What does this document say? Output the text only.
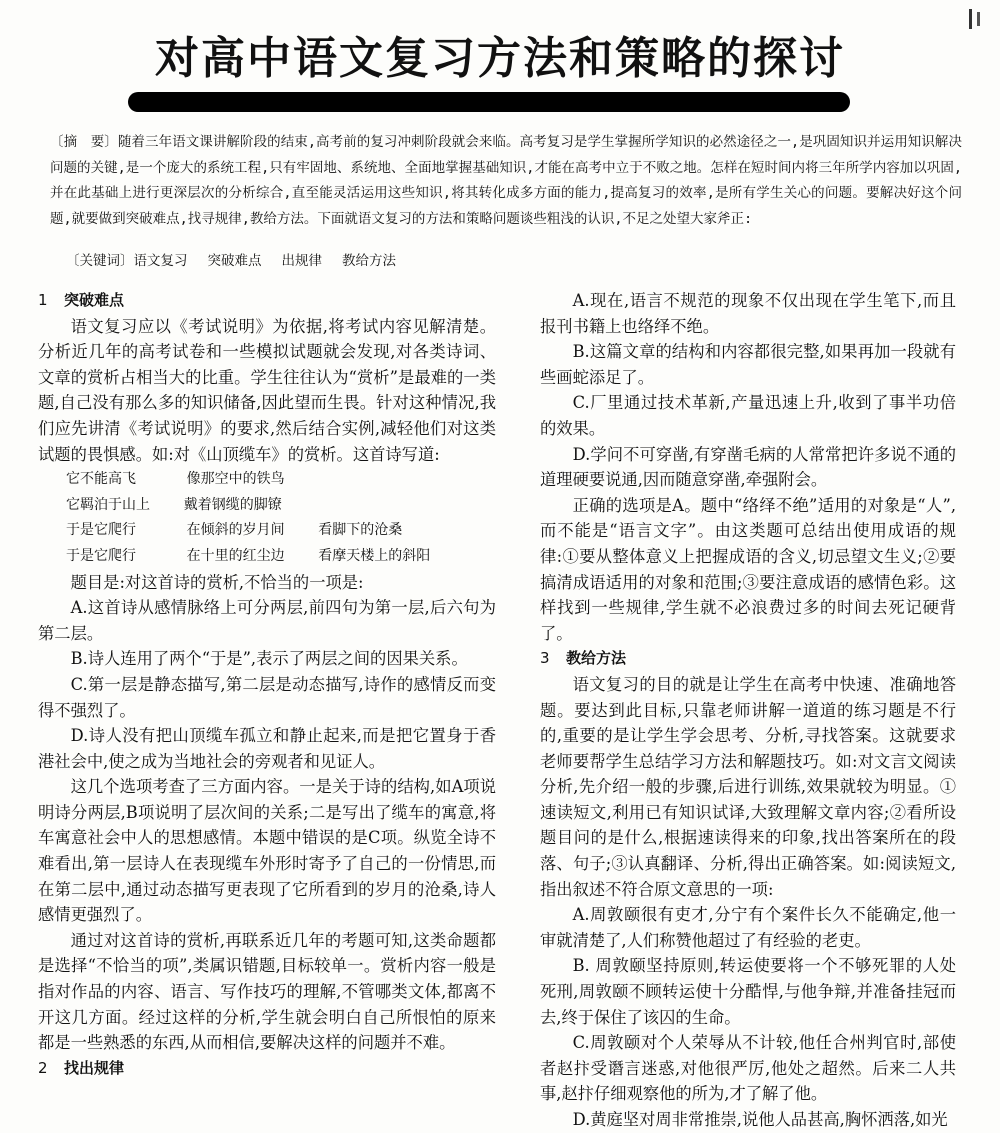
对高中语文复习方法和策略的探讨
〔摘　要〕随着三年语文课讲解阶段的结束,高考前的复习冲刺阶段就会来临。高考复习是学生掌握所学知识的必然途径之一,是巩固知识并运用知识解决问题的关键,是一个庞大的系统工程,只有牢固地、系统地、全面地掌握基础知识,才能在高考中立于不败之地。怎样在短时间内将三年所学内容加以巩固,并在此基础上进行更深层次的分析综合,直至能灵活运用这些知识,将其转化成多方面的能力,提高复习的效率,是所有学生关心的问题。要解决好这个问题,就要做到突破难点,找寻规律,教给方法。下面就语文复习的方法和策略问题谈些粗浅的认识,不足之处望大家斧正:
〔关键词〕语文复习 突破难点 出规律 教给方法
1 突破难点

语文复习应以《考试说明》为依据,将考试内容见解清楚。分析近几年的高考试卷和一些模拟试题就会发现,对各类诗词、文章的赏析占相当大的比重。学生往往认为“赏析”是最难的一类题,自己没有那么多的知识储备,因此望而生畏。针对这种情况,我们应先讲清《考试说明》的要求,然后结合实例,减轻他们对这类试题的畏惧感。如:对《山顶缆车》的赏析。这首诗写道:

它不能高飞      像那空中的铁鸟
它羁泊于山上    戴着钢缆的脚镣
于是它爬行      在倾斜的岁月间    看脚下的沧桑
于是它爬行      在十里的红尘边    看摩天楼上的斜阳

题目是:对这首诗的赏析,不恰当的一项是:

A.这首诗从感情脉络上可分两层,前四句为第一层,后六句为第二层。

B.诗人连用了两个“于是”,表示了两层之间的因果关系。

C.第一层是静态描写,第二层是动态描写,诗作的感情反而变得不强烈了。

D.诗人没有把山顶缆车孤立和静止起来,而是把它置身于香港社会中,使之成为当地社会的旁观者和见证人。

这几个选项考查了三方面内容。一是关于诗的结构,如A项说明诗分两层,B项说明了层次间的关系;二是写出了缆车的寓意,将车寓意社会中人的思想感情。本题中错误的是C项。纵览全诗不难看出,第一层诗人在表现缆车外形时寄予了自己的一份情思,而在第二层中,通过动态描写更表现了它所看到的岁月的沧桑,诗人感情更强烈了。

通过对这首诗的赏析,再联系近几年的考题可知,这类命题都是选择“不恰当的项”,类属识错题,目标较单一。赏析内容一般是指对作品的内容、语言、写作技巧的理解,不管哪类文体,都离不开这几方面。经过这样的分析,学生就会明白自己所恨怕的原来都是一些熟悉的东西,从而相信,要解决这样的问题并不难。

2 找出规律

A.现在,语言不规范的现象不仅出现在学生笔下,而且报刊书籍上也络绎不绝。

B.这篇文章的结构和内容都很完整,如果再加一段就有些画蛇添足了。

C.厂里通过技术革新,产量迅速上升,收到了事半功倍的效果。

D.学问不可穿凿,有穿凿毛病的人常常把许多说不通的道理硬要说通,因而随意穿凿,牵强附会。

正确的选项是A。题中“络绎不绝”适用的对象是“人”,而不能是“语言文字”。由这类题可总结出使用成语的规律:①要从整体意义上把握成语的含义,切忌望文生义;②要搞清成语适用的对象和范围;③要注意成语的感情色彩。这样找到一些规律,学生就不必浪费过多的时间去死记硬背了。

3 教给方法

语文复习的目的就是让学生在高考中快速、准确地答题。要达到此目标,只靠老师讲解一道道的练习题是不行的,重要的是让学生学会思考、分析,寻找答案。这就要求老师要帮学生总结学习方法和解题技巧。如:对文言文阅读分析,先介绍一般的步骤,后进行训练,效果就较为明显。①速读短文,利用已有知识试译,大致理解文章内容;②看所设题目问的是什么,根据速读得来的印象,找出答案所在的段落、句子;③认真翻译、分析,得出正确答案。如:阅读短文,指出叙述不符合原文意思的一项:

A.周敦颐很有吏才,分宁有个案件长久不能确定,他一审就清楚了,人们称赞他超过了有经验的老吏。

B. 周敦颐坚持原则,转运使要将一个不够死罪的人处死刑,周敦颐不顾转运使十分酷悍,与他争辩,并准备挂冠而去,终于保住了该囚的生命。

C.周敦颐对个人荣辱从不计较,他任合州判官时,部使者赵抃受谮言迷惑,对他很严厉,他处之超然。后来二人共事,赵抃仔细观察他的所为,才了解了他。

D.黄庭坚对周非常推崇,说他人品甚高,胸怀洒落,如光
